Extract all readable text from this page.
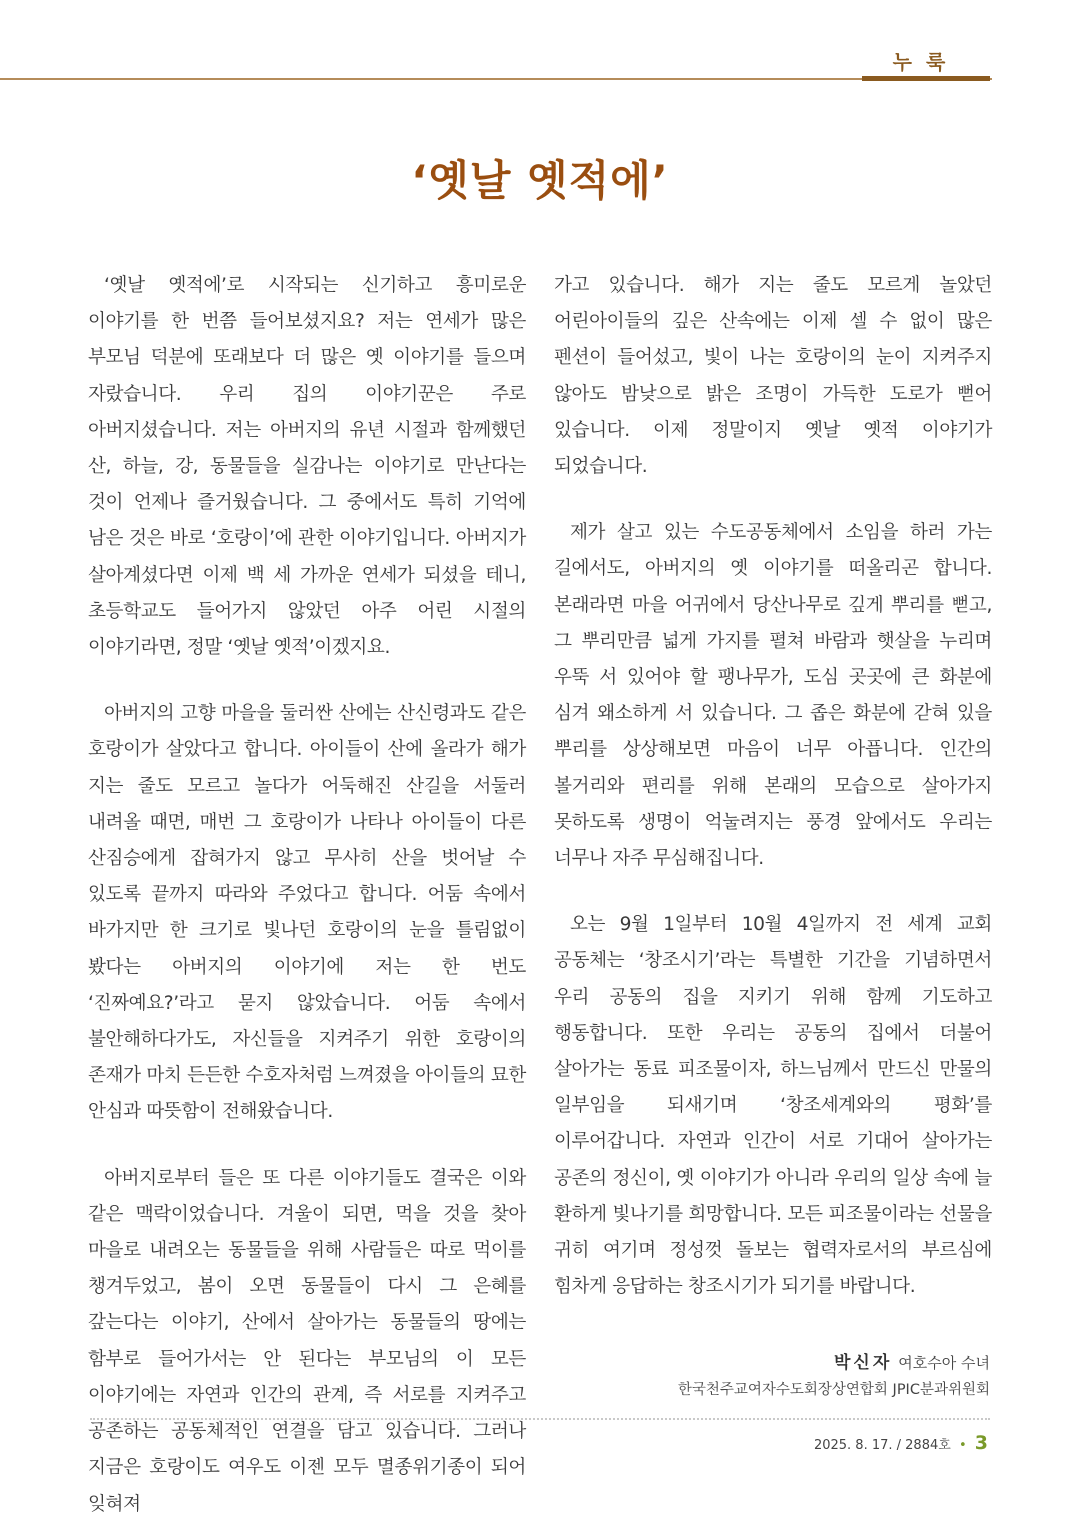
누룩
‘옛날 옛적에’

‘옛날 옛적에’로 시작되는 신기하고 흥미로운 이야기를 한 번쯤 들어보셨지요? 저는 연세가 많은 부모님 덕분에 또래보다 더 많은 옛 이야기를 들으며 자랐습니다. 우리 집의 이야기꾼은 주로 아버지셨습니다. 저는 아버지의 유년 시절과 함께했던 산, 하늘, 강, 동물들을 실감나는 이야기로 만난다는 것이 언제나 즐거웠습니다. 그 중에서도 특히 기억에 남은 것은 바로 ‘호랑이’에 관한 이야기입니다. 아버지가 살아계셨다면 이제 백 세 가까운 연세가 되셨을 테니, 초등학교도 들어가지 않았던 아주 어린 시절의 이야기라면, 정말 ‘옛날 옛적’이겠지요.

아버지의 고향 마을을 둘러싼 산에는 산신령과도 같은 호랑이가 살았다고 합니다. 아이들이 산에 올라가 해가 지는 줄도 모르고 놀다가 어둑해진 산길을 서둘러 내려올 때면, 매번 그 호랑이가 나타나 아이들이 다른 산짐승에게 잡혀가지 않고 무사히 산을 벗어날 수 있도록 끝까지 따라와 주었다고 합니다. 어둠 속에서 바가지만 한 크기로 빛나던 호랑이의 눈을 틀림없이 봤다는 아버지의 이야기에 저는 한 번도 ‘진짜예요?’라고 묻지 않았습니다. 어둠 속에서 불안해하다가도, 자신들을 지켜주기 위한 호랑이의 존재가 마치 든든한 수호자처럼 느껴졌을 아이들의 묘한 안심과 따뜻함이 전해왔습니다.

아버지로부터 들은 또 다른 이야기들도 결국은 이와 같은 맥락이었습니다. 겨울이 되면, 먹을 것을 찾아 마을로 내려오는 동물들을 위해 사람들은 따로 먹이를 챙겨두었고, 봄이 오면 동물들이 다시 그 은혜를 갚는다는 이야기, 산에서 살아가는 동물들의 땅에는 함부로 들어가서는 안 된다는 부모님의 이 모든 이야기에는 자연과 인간의 관계, 즉 서로를 지켜주고 공존하는 공동체적인 연결을 담고 있습니다. 그러나 지금은 호랑이도 여우도 이젠 모두 멸종위기종이 되어 잊혀져

가고 있습니다. 해가 지는 줄도 모르게 놀았던 어린아이들의 깊은 산속에는 이제 셀 수 없이 많은 펜션이 들어섰고, 빛이 나는 호랑이의 눈이 지켜주지 않아도 밤낮으로 밝은 조명이 가득한 도로가 뻗어 있습니다. 이제 정말이지 옛날 옛적 이야기가 되었습니다.

제가 살고 있는 수도공동체에서 소임을 하러 가는 길에서도, 아버지의 옛 이야기를 떠올리곤 합니다. 본래라면 마을 어귀에서 당산나무로 깊게 뿌리를 뻗고, 그 뿌리만큼 넓게 가지를 펼쳐 바람과 햇살을 누리며 우뚝 서 있어야 할 팽나무가, 도심 곳곳에 큰 화분에 심겨 왜소하게 서 있습니다. 그 좁은 화분에 갇혀 있을 뿌리를 상상해보면 마음이 너무 아픕니다. 인간의 볼거리와 편리를 위해 본래의 모습으로 살아가지 못하도록 생명이 억눌려지는 풍경 앞에서도 우리는 너무나 자주 무심해집니다.

오는 9월 1일부터 10월 4일까지 전 세계 교회 공동체는 ‘창조시기’라는 특별한 기간을 기념하면서 우리 공동의 집을 지키기 위해 함께 기도하고 행동합니다. 또한 우리는 공동의 집에서 더불어 살아가는 동료 피조물이자, 하느님께서 만드신 만물의 일부임을 되새기며 ‘창조세계와의 평화’를 이루어갑니다. 자연과 인간이 서로 기대어 살아가는 공존의 정신이, 옛 이야기가 아니라 우리의 일상 속에 늘 환하게 빛나기를 희망합니다. 모든 피조물이라는 선물을 귀히 여기며 정성껏 돌보는 협력자로서의 부르심에 힘차게 응답하는 창조시기가 되기를 바랍니다.

박신자 여호수아 수녀
한국천주교여자수도회장상연합회 JPIC분과위원회
2025. 8. 17. / 2884호 • 3
